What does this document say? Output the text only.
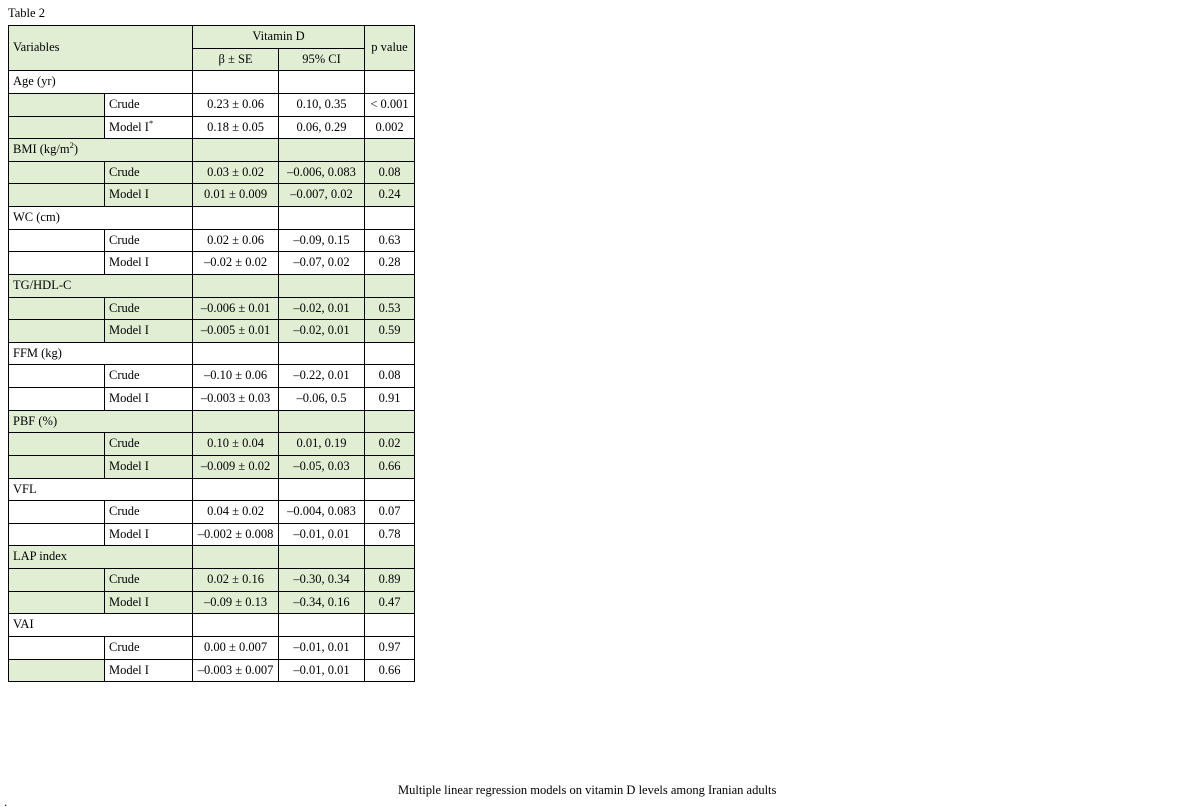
Table 2
Variables		Vitamin D		p value
		β ± SE	95% CI	
Age (yr)				
	Crude	0.23 ± 0.06	0.10, 0.35	< 0.001
	Model I*	0.18 ± 0.05	0.06, 0.29	0.002
BMI $(kg/m^2)$				
	Crude	0.03 ± 0.02	–0.006, 0.083	0.08
	Model I	0.01 ± 0.009	–0.007, 0.02	0.24
WC (cm)				
	Crude	0.02 ± 0.06	–0.09, 0.15	0.63
	Model I	–0.02 ± 0.02	–0.07, 0.02	0.28
TG/HDL-C				
	Crude	–0.006 ± 0.01	–0.02, 0.01	0.53
	Model I	–0.005 ± 0.01	–0.02, 0.01	0.59
FFM (kg)				
	Crude	–0.10 ± 0.06	–0.22, 0.01	0.08
	Model I	–0.003 ± 0.03	–0.06, 0.5	0.91
PBF (%)				
	Crude	0.10 ± 0.04	0.01, 0.19	0.02
	Model I	–0.009 ± 0.02	–0.05, 0.03	0.66
VFL				
	Crude	0.04 ± 0.02	–0.004, 0.083	0.07
	Model I	–0.002 ± 0.008	–0.01, 0.01	0.78
LAP index				
	Crude	0.02 ± 0.16	–0.30, 0.34	0.89
	Model I	–0.09 ± 0.13	–0.34, 0.16	0.47
VAI				
	Crude	0.00 ± 0.007	–0.01, 0.01	0.97
	Model I	–0.003 ± 0.007	–0.01, 0.01	0.66
Multiple linear regression models on vitamin D levels among Iranian adults
.
